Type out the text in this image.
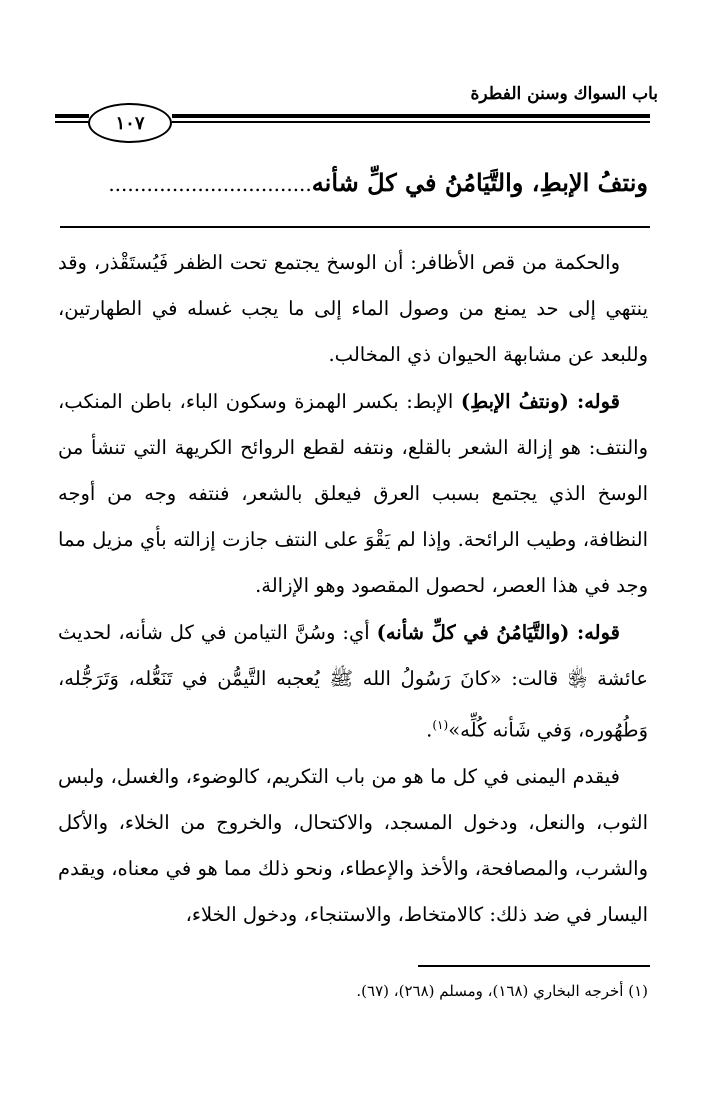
باب السواك وسنن الفطرة
١٠٧
ونتفُ الإبطِ، والتَّيَامُنُ في كلِّ شأنه................................

والحكمة من قص الأظافر: أن الوسخ يجتمع تحت الظفر فَيُستَقْذر، وقد ينتهي إلى حد يمنع من وصول الماء إلى ما يجب غسله في الطهارتين، وللبعد عن مشابهة الحيوان ذي المخالب.

قوله: (ونتفُ الإبطِ) الإبط: بكسر الهمزة وسكون الباء، باطن المنكب، والنتف: هو إزالة الشعر بالقلع، ونتفه لقطع الروائح الكريهة التي تنشأ من الوسخ الذي يجتمع بسبب العرق فيعلق بالشعر، فنتفه وجه من أوجه النظافة، وطيب الرائحة. وإذا لم يَقْوَ على النتف جازت إزالته بأي مزيل مما وجد في هذا العصر، لحصول المقصود وهو الإزالة.

قوله: (والتَّيَامُنُ في كلِّ شأنه) أي: وسُنَّ التيامن في كل شأنه، لحديث عائشة ﵂ قالت: «كانَ رَسُولُ الله ﷺ يُعجبه التَّيمُّن في تَنَعُّله، وَتَرَجُّله، وَطُهُوره، وَفي شَأنه كُلِّه»$^{(١)}$.

فيقدم اليمنى في كل ما هو من باب التكريم، كالوضوء، والغسل، ولبس الثوب، والنعل، ودخول المسجد، والاكتحال، والخروج من الخلاء، والأكل والشرب، والمصافحة، والأخذ والإعطاء، ونحو ذلك مما هو في معناه، ويقدم اليسار في ضد ذلك: كالامتخاط، والاستنجاء، ودخول الخلاء،

(١) أخرجه البخاري (١٦٨)، ومسلم (٢٦٨)، (٦٧).
